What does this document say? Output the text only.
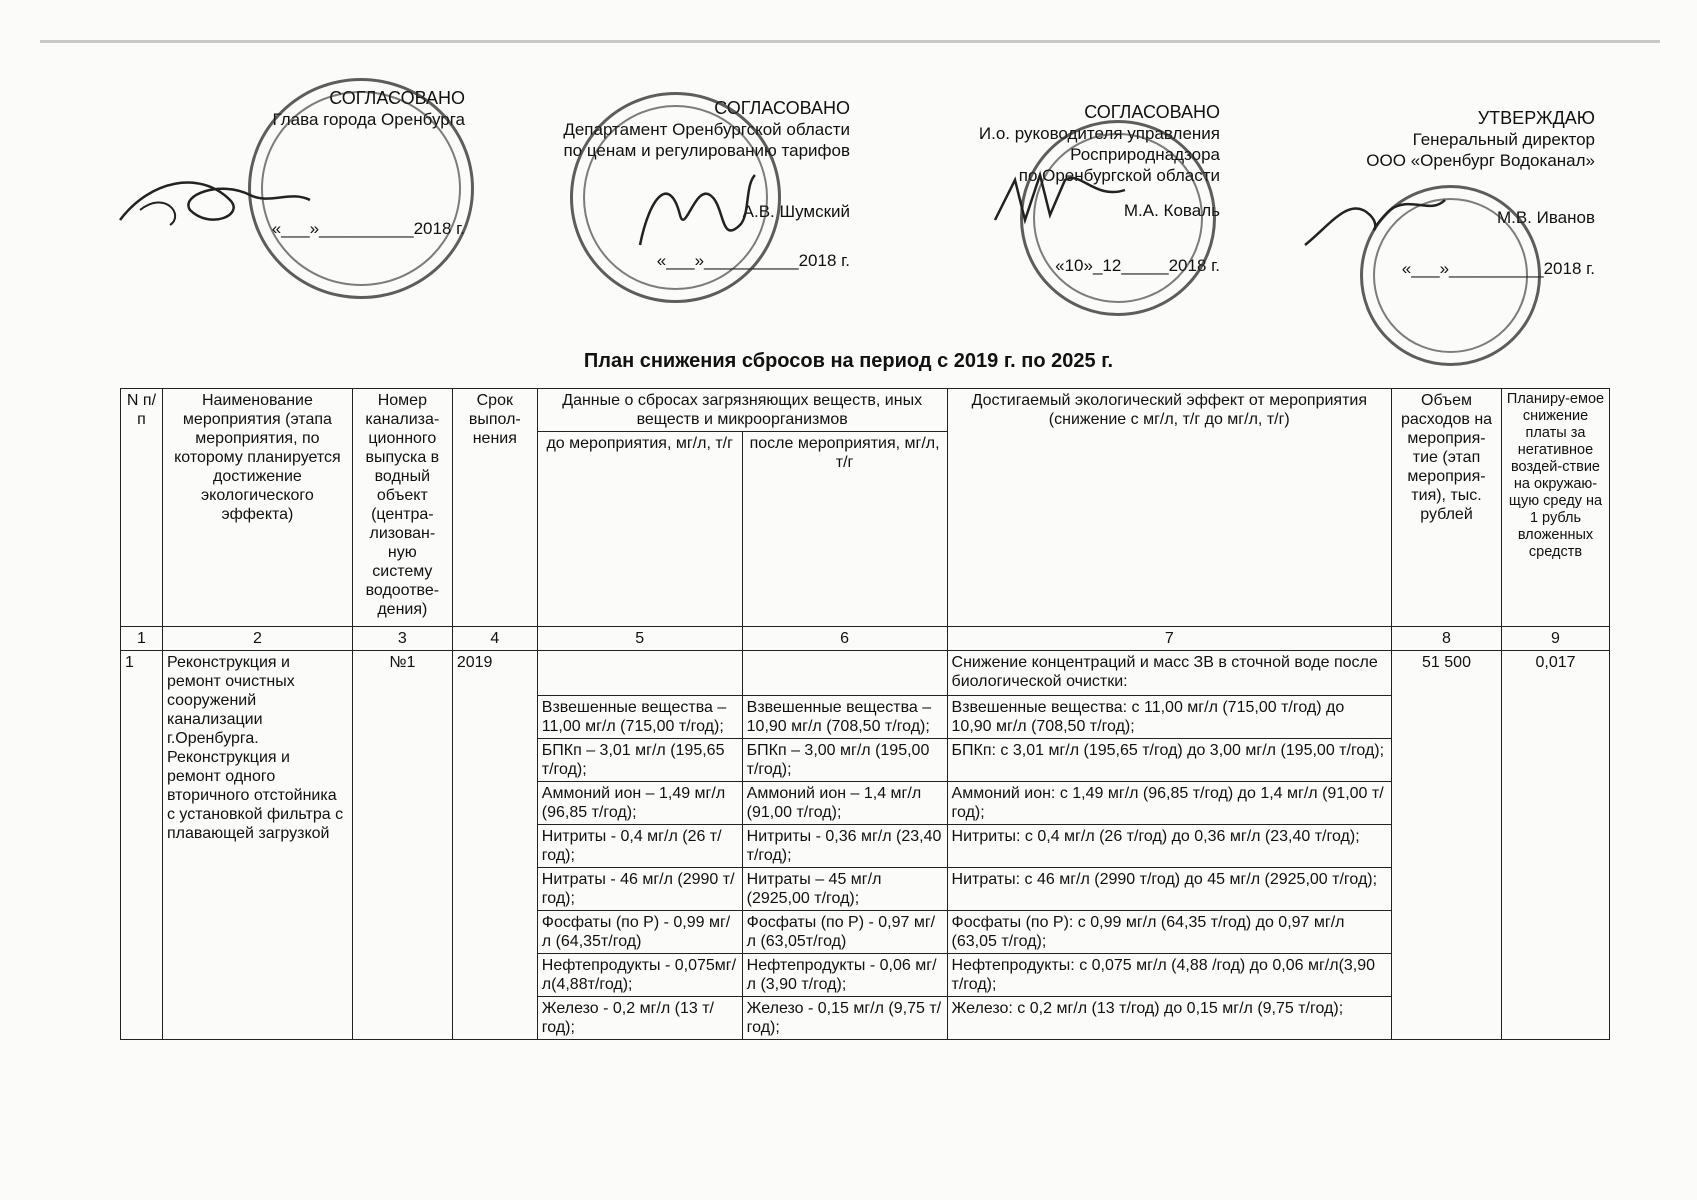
СОГЛАСОВАНО
Глава города Оренбурга
«___»__________2018 г.
СОГЛАСОВАНО
Департамент Оренбургской области
по ценам и регулированию тарифов
А.В. Шумский
«___»__________2018 г.
СОГЛАСОВАНО
И.о. руководителя управления
Росприроднадзора
по Оренбургской области
М.А. Коваль
«10»_12_____2018 г.
УТВЕРЖДАЮ
Генеральный директор
ООО «Оренбург Водоканал»
М.В. Иванов
«___»__________2018 г.
План снижения сбросов на период с 2019 г. по 2025 г.
N п/п	Наименование мероприятия (этапа мероприятия, по которому планируется достижение экологического эффекта)	Номер канализа-ционного выпуска в водный объект (центра-лизован-ную систему водоотве-дения)	Срок выпол-нения	Данные о сбросах загрязняющих веществ, иных веществ и микроорганизмов		Достигаемый экологический эффект от мероприятия (снижение с мг/л, т/г до мг/л, т/г)	Объем расходов на мероприя-тие (этап мероприя-тия), тыс. рублей	Планиру-емое снижение платы за негативное воздей-ствие на окружаю-щую среду на 1 рубль вложенных средств
				до мероприятия, мг/л, т/г	после мероприятия, мг/л, т/г			
1	2	3	4	5	6	7	8	9
1	Реконструкция и ремонт очистных сооружений канализации г.Оренбурга. Реконструкция и ремонт одного вторичного отстойника с установкой фильтра с плавающей загрузкой	№1	2019			Снижение концентраций и масс ЗВ в сточной воде после биологической очистки:	51 500	0,017
				Взвешенные вещества –11,00 мг/л (715,00 т/год);	Взвешенные вещества – 10,90 мг/л (708,50 т/год);	Взвешенные вещества: с 11,00 мг/л (715,00 т/год) до 10,90 мг/л (708,50 т/год);		
				БПКп – 3,01 мг/л (195,65 т/год);	БПКп – 3,00 мг/л (195,00 т/год);	БПКп: с 3,01 мг/л (195,65 т/год) до 3,00 мг/л (195,00 т/год);		
				Аммоний ион – 1,49 мг/л (96,85 т/год);	Аммоний ион – 1,4 мг/л (91,00 т/год);	Аммоний ион: с 1,49 мг/л (96,85 т/год) до 1,4 мг/л (91,00 т/год);		
				Нитриты - 0,4 мг/л (26 т/год);	Нитриты - 0,36 мг/л (23,40 т/год);	Нитриты: с 0,4 мг/л (26 т/год) до 0,36 мг/л (23,40 т/год);		
				Нитраты - 46 мг/л (2990 т/год);	Нитраты – 45 мг/л (2925,00 т/год);	Нитраты: с 46 мг/л (2990 т/год) до 45 мг/л (2925,00 т/год);		
				Фосфаты (по Р) - 0,99 мг/л (64,35т/год)	Фосфаты (по Р) - 0,97 мг/л (63,05т/год)	Фосфаты (по Р): с 0,99 мг/л (64,35 т/год) до 0,97 мг/л (63,05 т/год);		
				Нефтепродукты - 0,075мг/л(4,88т/год);	Нефтепродукты - 0,06 мг/л (3,90 т/год);	Нефтепродукты: с 0,075 мг/л (4,88 /год) до 0,06 мг/л(3,90 т/год);		
				Железо - 0,2 мг/л (13 т/год);	Железо - 0,15 мг/л (9,75 т/год);	Железо: с 0,2 мг/л (13 т/год) до 0,15 мг/л (9,75 т/год);		
